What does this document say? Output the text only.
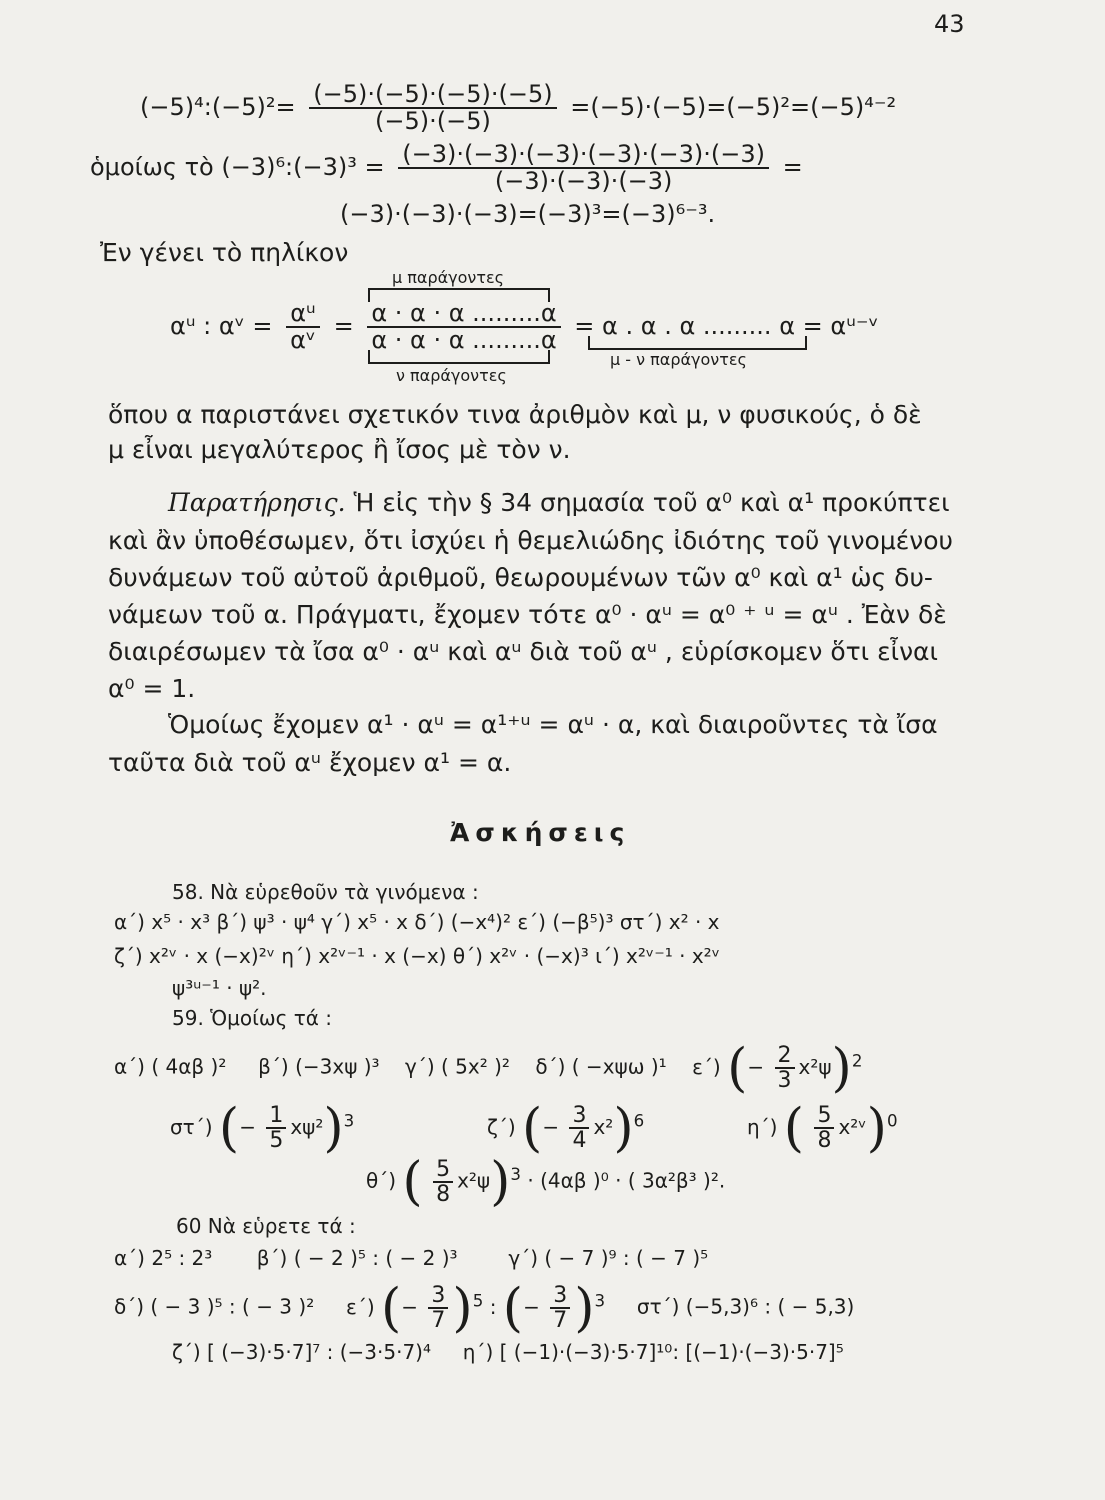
43
(−5)⁴:(−5)²= $\frac{(-5)\cdot(-5)\cdot(-5)\cdot(-5)}{(-5)\cdot(-5)} =(-5)\cdot(-5)=(-5)^2=(-5)^{4-2}$
ὁμοίως τὸ (−3)⁶:(−3)³ = $\frac{(-3)\cdot(-3)\cdot(-3)\cdot(-3)\cdot(-3)\cdot(-3)}{(-3)\cdot(-3)\cdot(-3)}$ =
(−3)·(−3)·(−3)=(−3)³=(−3)⁶⁻³.
Ἐν γένει τὸ πηλίκον
μ παράγοντες
αᵘ : αᵛ = $\frac{\text{αᵘ}}{\text{αᵛ}} = \frac{\alpha \cdot \alpha \cdot \alpha .........\alpha}{\alpha \cdot \alpha \cdot \alpha .........\alpha} = \alpha$ . α . α ......... α = αᵘ⁻ᵛ
ν παράγοντες
μ - ν παράγοντες
ὅπου α παριστάνει σχετικόν τινα ἀριθμὸν καὶ μ, ν φυσικούς, ὁ δὲ
μ εἶναι μεγαλύτερος ἢ ἴσος μὲ τὸν ν.
Παρατήρησις. Ἡ εἰς τὴν § 34 σημασία τοῦ α⁰ καὶ α¹ προκύπτει
καὶ ἂν ὑποθέσωμεν, ὅτι ἰσχύει ἡ θεμελιώδης ἰδιότης τοῦ γινομένου
δυνάμεων τοῦ αὐτοῦ ἀριθμοῦ, θεωρουμένων τῶν α⁰ καὶ α¹ ὡς δυ-
νάμεων τοῦ α. Πράγματι, ἔχομεν τότε α⁰ · αᵘ = α⁰ ⁺ ᵘ = αᵘ . Ἐὰν δὲ
διαιρέσωμεν τὰ ἴσα α⁰ · αᵘ καὶ αᵘ διὰ τοῦ αᵘ , εὑρίσκομεν ὅτι εἶναι
α⁰ = 1.
Ὁμοίως ἔχομεν α¹ · αᵘ = α¹⁺ᵘ = αᵘ · α, καὶ διαιροῦντες τὰ ἴσα
ταῦτα διὰ τοῦ αᵘ ἔχομεν α¹ = α.
Ἀσκήσεις
58. Νὰ εὑρεθοῦν τὰ γινόμενα :
α΄) x⁵ · x³ β΄) ψ³ · ψ⁴ γ΄) x⁵ · x δ΄) (−x⁴)² ε΄) (−β⁵)³ στ΄) x² · x
ζ΄) x²ᵛ · x (−x)²ᵛ η΄) x²ᵛ⁻¹ · x (−x) θ΄) x²ᵛ · (−x)³ ι΄) x²ᵛ⁻¹ · x²ᵛ
ψ³ᵘ⁻¹ · ψ².
59. Ὁμοίως τά :
α΄) ( 4αβ )² β΄) (−3xψ )³ γ΄) ( 5x² )² δ΄) ( −xψω )¹ ε΄) (− $\frac{2}{3} x^2\psi)^2$
στ΄) (− $\frac{1}{5} x\psi^2)^3$	ζ΄) (− $\frac{3}{4} x^2)^6$	η΄) ( $\frac{5}{8}$ x²ᵛ)$^0$
θ΄) ( $\frac{5}{8} x^2\psi)^3 \cdot (4\alpha\beta$ )⁰ · ( 3α²β³ )².
60 Νὰ εὑρετε τά :
α΄) 2⁵ : 2³ β΄) ( − 2 )⁵ : ( − 2 )³	γ΄) ( − 7 )⁹ : ( − 7 )⁵
δ΄) ( − 3 )⁵ : ( − 3 )² ε΄) (− $\frac{3}{7} )^5$ : (− $\frac{3}{7} )^3$ στ΄) (−5,3)⁶ : ( − 5,3)
ζ΄) [ (−3)·5·7]⁷ : (−3·5·7)⁴ η΄) [ (−1)·(−3)·5·7]¹⁰: [(−1)·(−3)·5·7]⁵
